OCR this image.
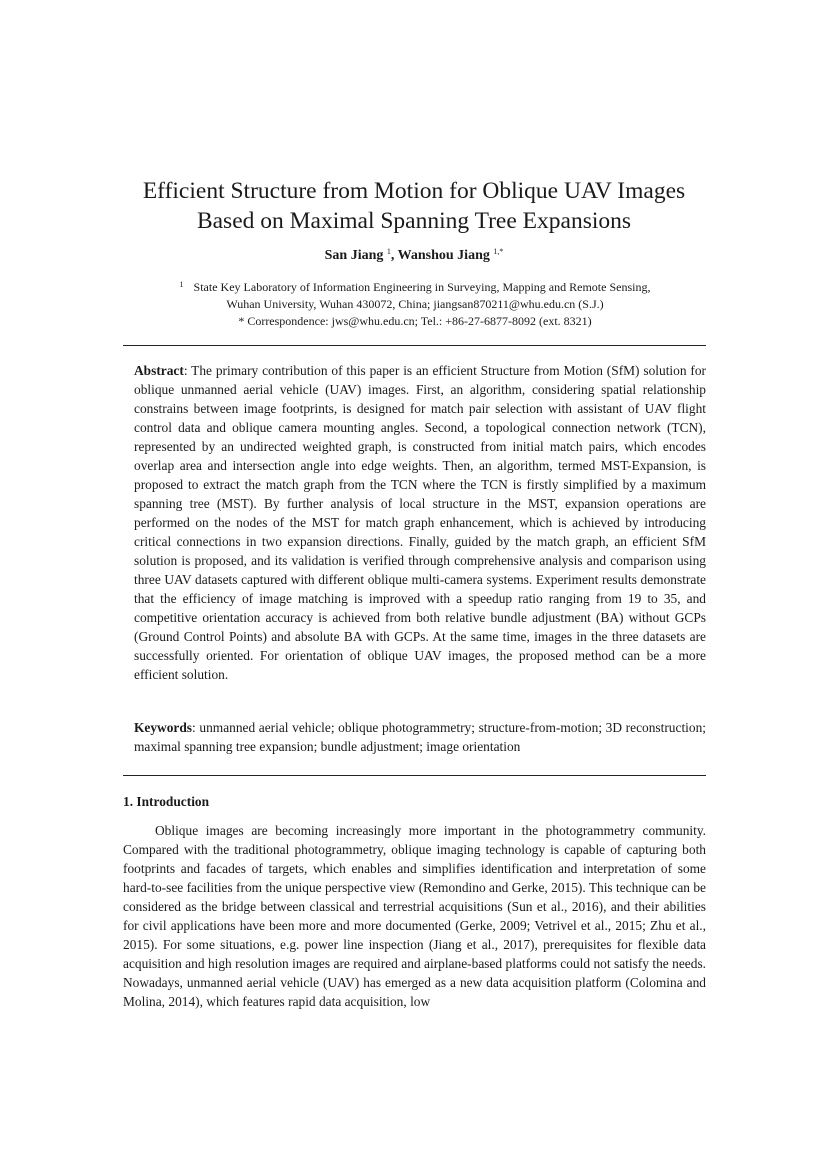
Efficient Structure from Motion for Oblique UAV Images
Based on Maximal Spanning Tree Expansions
San Jiang $^1$, Wanshou Jiang $^{1,*}$
$^1$ State Key Laboratory of Information Engineering in Surveying, Mapping and Remote Sensing,
Wuhan University, Wuhan 430072, China; jiangsan870211@whu.edu.cn (S.J.)
* Correspondence: jws@whu.edu.cn; Tel.: +86-27-6877-8092 (ext. 8321)
Abstract: The primary contribution of this paper is an efficient Structure from Motion (SfM) solution for oblique unmanned aerial vehicle (UAV) images. First, an algorithm, considering spatial relationship constrains between image footprints, is designed for match pair selection with assistant of UAV flight control data and oblique camera mounting angles. Second, a topological connection network (TCN), represented by an undirected weighted graph, is constructed from initial match pairs, which encodes overlap area and intersection angle into edge weights. Then, an algorithm, termed MST-Expansion, is proposed to extract the match graph from the TCN where the TCN is firstly simplified by a maximum spanning tree (MST). By further analysis of local structure in the MST, expansion operations are performed on the nodes of the MST for match graph enhancement, which is achieved by introducing critical connections in two expansion directions. Finally, guided by the match graph, an efficient SfM solution is proposed, and its validation is verified through comprehensive analysis and comparison using three UAV datasets captured with different oblique multi-camera systems. Experiment results demonstrate that the efficiency of image matching is improved with a speedup ratio ranging from 19 to 35, and competitive orientation accuracy is achieved from both relative bundle adjustment (BA) without GCPs (Ground Control Points) and absolute BA with GCPs. At the same time, images in the three datasets are successfully oriented. For orientation of oblique UAV images, the proposed method can be a more efficient solution.
Keywords: unmanned aerial vehicle; oblique photogrammetry; structure-from-motion; 3D reconstruction; maximal spanning tree expansion; bundle adjustment; image orientation
1. Introduction
Oblique images are becoming increasingly more important in the photogrammetry community. Compared with the traditional photogrammetry, oblique imaging technology is capable of capturing both footprints and facades of targets, which enables and simplifies identification and interpretation of some hard-to-see facilities from the unique perspective view (Remondino and Gerke, 2015). This technique can be considered as the bridge between classical and terrestrial acquisitions (Sun et al., 2016), and their abilities for civil applications have been more and more documented (Gerke, 2009; Vetrivel et al., 2015; Zhu et al., 2015). For some situations, e.g. power line inspection (Jiang et al., 2017), prerequisites for flexible data acquisition and high resolution images are required and airplane-based platforms could not satisfy the needs. Nowadays, unmanned aerial vehicle (UAV) has emerged as a new data acquisition platform (Colomina and Molina, 2014), which features rapid data acquisition, low
